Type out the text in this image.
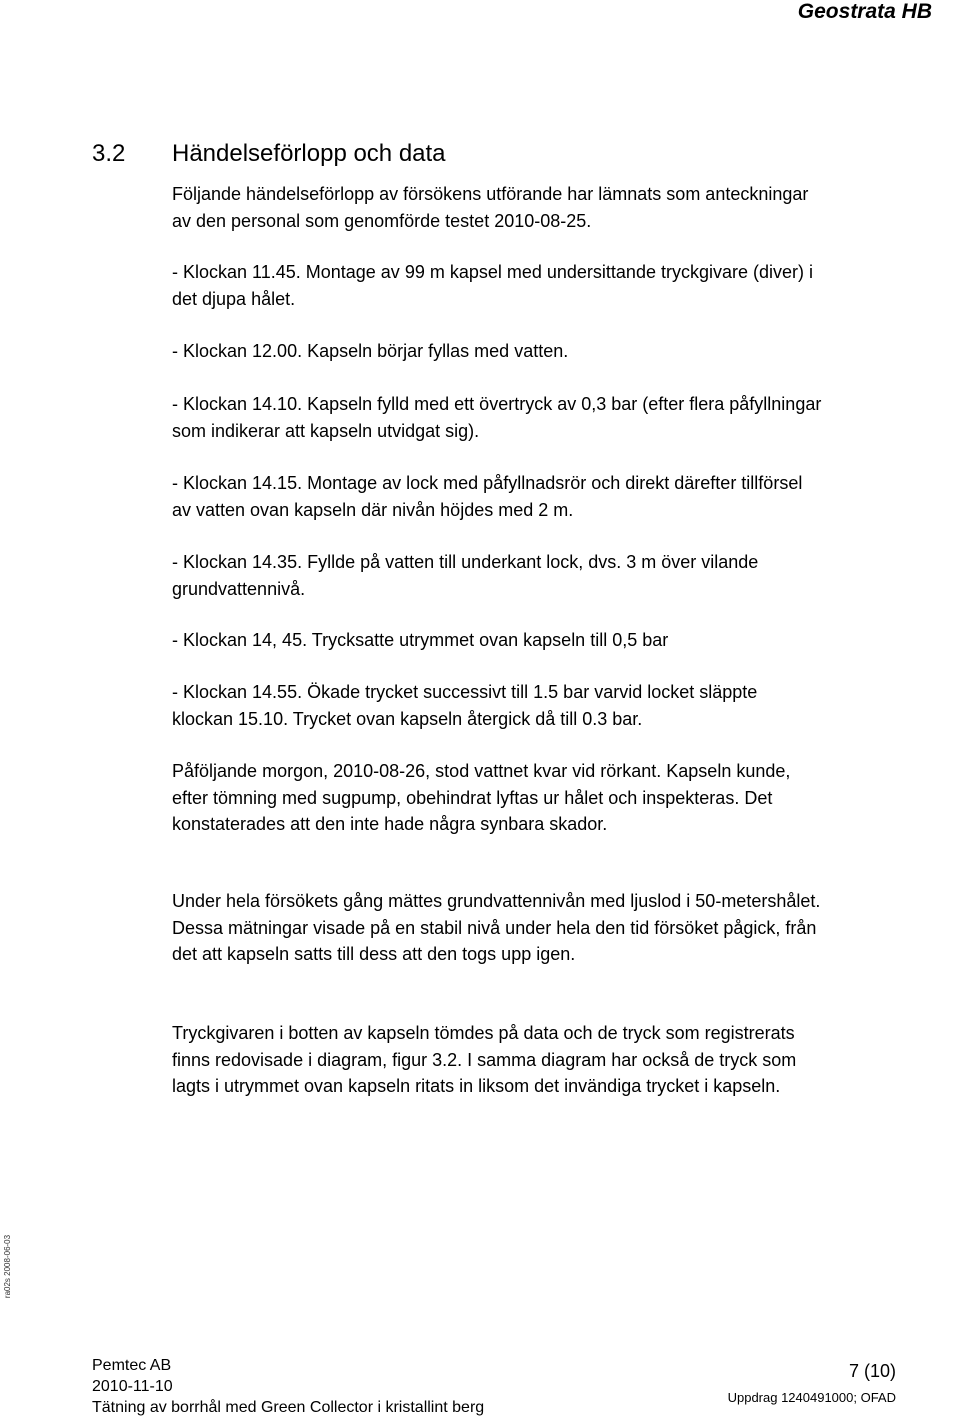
Geostrata HB
3.2 Händelseförlopp och data

Följande händelseförlopp av försökens utförande har lämnats som anteckningar av den personal som genomförde testet 2010-08-25.

- Klockan 11.45. Montage av 99 m kapsel med undersittande tryckgivare (diver) i det djupa hålet.

- Klockan 12.00. Kapseln börjar fyllas med vatten.

- Klockan 14.10. Kapseln fylld med ett övertryck av 0,3 bar (efter flera påfyllningar som indikerar att kapseln utvidgat sig).

- Klockan 14.15. Montage av lock med påfyllnadsrör och direkt därefter tillförsel av vatten ovan kapseln där nivån höjdes med 2 m.

- Klockan 14.35. Fyllde på vatten till underkant lock, dvs. 3 m över vilande grundvattennivå.

- Klockan 14, 45. Trycksatte utrymmet ovan kapseln till 0,5 bar

- Klockan 14.55. Ökade trycket successivt till 1.5 bar varvid locket släppte klockan 15.10. Trycket ovan kapseln återgick då till 0.3 bar.

Påföljande morgon, 2010-08-26, stod vattnet kvar vid rörkant. Kapseln kunde, efter tömning med sugpump, obehindrat lyftas ur hålet och inspekteras. Det konstaterades att den inte hade några synbara skador.

Under hela försökets gång mättes grundvattennivån med ljuslod i 50-metershålet. Dessa mätningar visade på en stabil nivå under hela den tid försöket pågick, från det att kapseln satts till dess att den togs upp igen.

Tryckgivaren i botten av kapseln tömdes på data och de tryck som registrerats finns redovisade i diagram, figur 3.2. I samma diagram har också de tryck som lagts i utrymmet ovan kapseln ritats in liksom det invändiga trycket i kapseln.

ra02s 2008-06-03
Pemtec AB
2010-11-10
Tätning av borrhål med Green Collector i kristallint berg
7 (10)
Uppdrag 1240491000; OFAD
